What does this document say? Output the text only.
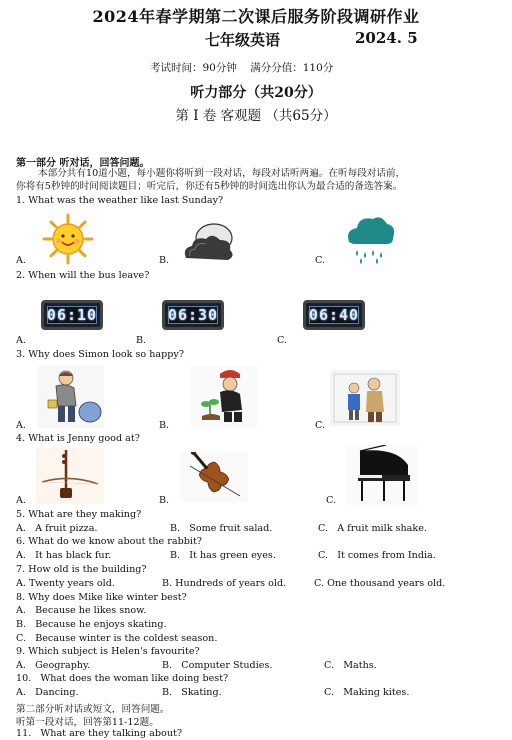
2024年春学期第二次课后服务阶段调研作业
七年级英语	2024. 5
考试时间：90分钟    满分分值：110分
听力部分（共20分）
第 I 卷 客观题 （共65分）
第一部分 听对话，回答问题。
本部分共有10道小题，每小题你将听到一段对话，每段对话听两遍。在听每段对话前，
你将有5秒钟的时间阅读题目；听完后，你还有5秒钟的时间选出你认为最合适的备选答案。
1. What was the weather like last Sunday?
A.	B.	C.
2. When will the bus leave?
06:10
A.
06:30
B.
06:40
C.
3. Why does Simon look so happy?
A.	B.	C.
4. What is Jenny good at?
A.	B.	C.
5. What are they making?
A.   A fruit pizza.	B.   Some fruit salad.	C.   A fruit milk shake.
6. What do we know about the rabbit?
A.   It has black fur.	B.   It has green eyes.	C.   It comes from India.
7. How old is the building?
A. Twenty years old.	B. Hundreds of years old.	C. One thousand years old.
8. Why does Mike like winter best?
A.   Because he likes snow.
B.   Because he enjoys skating.
C.   Because winter is the coldest season.
9. Which subject is Helen's favourite?
A.   Geography.	B.   Computer Studies.	C.   Maths.
10.   What does the woman like doing best?
A.   Dancing.	B.   Skating.	C.   Making kites.
第二部分听对话或短文，回答问题。
听第一段对话，回答第11-12题。
11.   What are they talking about?
